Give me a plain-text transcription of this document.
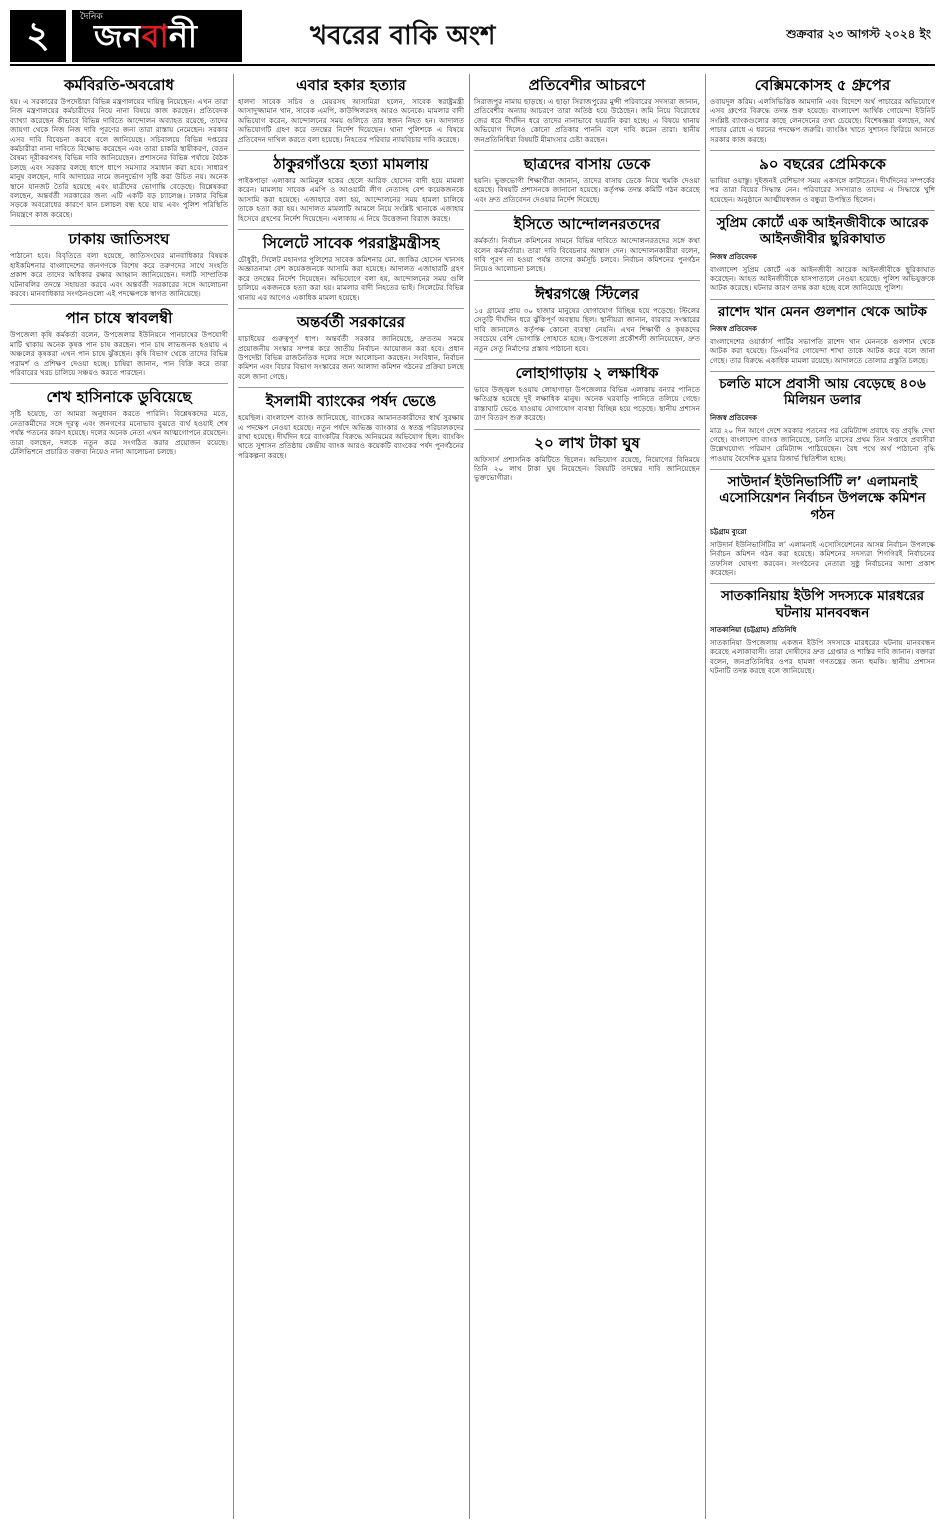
২	দৈনিক
জনবানী	খবরের বাকি অংশ	শুক্রবার ২৩ আগস্ট ২০২৪ ইং
কর্মবিরতি-অবরোধ
হয়। এ সরকারের উপদেষ্টারা বিভিন্ন মন্ত্রণালয়ের দায়িত্ব নিয়েছেন। এখন তারা নিজ মন্ত্রণালয়ের কর্মচারীদের নিয়ে নানা বিষয়ে কাজ করছেন। প্রতিবেদক ব্যাখ্যা করেছেন কীভাবে বিভিন্ন দাবিতে আন্দোলন অব্যাহত রয়েছে, তাদের জায়গা থেকে নিজ নিজ দাবি পূরণের জন্য তারা রাস্তায় নেমেছেন। সরকার এসব দাবি বিবেচনা করবে বলে জানিয়েছে। সচিবালয়ে বিভিন্ন দপ্তরের কর্মচারীরা নানা দাবিতে বিক্ষোভ করেছেন এবং তারা চাকরি স্থায়ীকরণ, বেতন বৈষম্য দূরীকরণসহ বিভিন্ন দাবি জানিয়েছেন। প্রশাসনের বিভিন্ন পর্যায়ে বৈঠক চলছে এবং সরকার বলছে ধাপে ধাপে সমস্যার সমাধান করা হবে। সাধারণ মানুষ বলছেন, দাবি আদায়ের নামে জনদুর্ভোগ সৃষ্টি করা উচিত নয়। অনেক স্থানে যানজট তৈরি হয়েছে এবং যাত্রীদের ভোগান্তি বেড়েছে। বিশ্লেষকরা বলছেন, অন্তর্বর্তী সরকারের জন্য এটি একটি বড় চ্যালেঞ্জ। ঢাকার বিভিন্ন সড়কে অবরোধের কারণে যান চলাচল বন্ধ হয়ে যায় এবং পুলিশ পরিস্থিতি নিয়ন্ত্রণে কাজ করেছে।
ঢাকায় জাতিসংঘ
পাঠানো হবে। বিবৃতিতে বলা হয়েছে, জাতিসংঘের মানবাধিকার বিষয়ক হাইকমিশনার বাংলাদেশের জনগণকে বিশেষ করে তরুণদের সাথে সংহতি প্রকাশ করে তাদের অধিকার রক্ষার আহ্বান জানিয়েছেন। দলটি সাম্প্রতিক ঘটনাবলির তদন্তে সহায়তা করবে এবং অন্তর্বর্তী সরকারের সঙ্গে আলোচনা করবে। মানবাধিকার সংগঠনগুলো এই পদক্ষেপকে স্বাগত জানিয়েছে।
পান চাষে স্বাবলম্বী
উপজেলা কৃষি কর্মকর্তা বলেন, উপজেলার ইউনিয়নে পানচাষের উপযোগী মাটি থাকায় অনেক কৃষক পান চাষ করছেন। পান চাষ লাভজনক হওয়ায় এ অঞ্চলের কৃষকরা এখন পান চাষে ঝুঁকছেন। কৃষি বিভাগ থেকে তাদের বিভিন্ন পরামর্শ ও প্রশিক্ষণ দেওয়া হচ্ছে। চাষিরা জানান, পান বিক্রি করে তারা পরিবারের খরচ চালিয়ে সঞ্চয়ও করতে পারছেন।
শেখ হাসিনাকে ডুবিয়েছে
সৃষ্টি হয়েছে, তা আমরা অনুধাবন করতে পারিনি। বিশ্লেষকদের মতে, নেতাকর্মীদের সঙ্গে দূরত্ব এবং জনগণের মনোভাব বুঝতে ব্যর্থ হওয়াই শেষ পর্যন্ত পতনের কারণ হয়েছে। দলের অনেক নেতা এখন আত্মগোপনে রয়েছেন। তারা বলছেন, দলকে নতুন করে সংগঠিত করার প্রয়োজন রয়েছে। টেলিভিশনে প্রচারিত বক্তব্য নিয়েও নানা আলোচনা চলছে।
এবার হকার হত্যার
হালদা সাবেক সচিব ও মেয়রসহ আসামিরা হলেন, সাবেক স্বরাষ্ট্রমন্ত্রী আসাদুজ্জামান খান, সাবেক এমপি, কাউন্সিলরসহ আরও অনেকে। মামলার বাদী অভিযোগ করেন, আন্দোলনের সময় গুলিতে তার স্বজন নিহত হন। আদালত অভিযোগটি গ্রহণ করে তদন্তের নির্দেশ দিয়েছেন। থানা পুলিশকে এ বিষয়ে প্রতিবেদন দাখিল করতে বলা হয়েছে। নিহতের পরিবার ন্যায়বিচার দাবি করেছে।
ঠাকুরগাঁওয়ে হত্যা মামলায়
পাইকপাড়া এলাকার আমিনুল হকের ছেলে আরিফ হোসেন বাদী হয়ে মামলা করেন। মামলায় সাবেক এমপি ও আওয়ামী লীগ নেতাসহ বেশ কয়েকজনকে আসামি করা হয়েছে। এজাহারে বলা হয়, আন্দোলনের সময় হামলা চালিয়ে তাকে হত্যা করা হয়। আদালত মামলাটি আমলে নিয়ে সংশ্লিষ্ট থানাকে এজাহার হিসেবে গ্রহণের নির্দেশ দিয়েছেন। এলাকায় এ নিয়ে উত্তেজনা বিরাজ করছে।
সিলেটে সাবেক পররাষ্ট্রমন্ত্রীসহ
চৌধুরী, সিলেট মহানগর পুলিশের সাবেক কমিশনার মো. জাকির হোসেন খানসহ অজ্ঞাতনামা বেশ কয়েকজনকে আসামি করা হয়েছে। আদালত এজাহারটি গ্রহণ করে তদন্তের নির্দেশ দিয়েছেন। অভিযোগে বলা হয়, আন্দোলনের সময় গুলি চালিয়ে একজনকে হত্যা করা হয়। মামলার বাদী নিহতের ভাই। সিলেটের বিভিন্ন থানায় এর আগেও একাধিক মামলা হয়েছে।
অন্তর্বর্তী সরকারের
যাচাইয়ের গুরুত্বপূর্ণ ধাপ। অন্তর্বর্তী সরকার জানিয়েছে, দ্রুততম সময়ে প্রয়োজনীয় সংস্কার সম্পন্ন করে জাতীয় নির্বাচন আয়োজন করা হবে। প্রধান উপদেষ্টা বিভিন্ন রাজনৈতিক দলের সঙ্গে আলোচনা করছেন। সংবিধান, নির্বাচন কমিশন এবং বিচার বিভাগ সংস্কারের জন্য আলাদা কমিশন গঠনের প্রক্রিয়া চলছে বলে জানা গেছে।
ইসলামী ব্যাংকের পর্ষদ ভেঙে
হয়েছিল। বাংলাদেশ ব্যাংক জানিয়েছে, ব্যাংকের আমানতকারীদের স্বার্থ সুরক্ষায় এ পদক্ষেপ নেওয়া হয়েছে। নতুন পর্ষদে অভিজ্ঞ ব্যাংকার ও স্বতন্ত্র পরিচালকদের রাখা হয়েছে। দীর্ঘদিন ধরে ব্যাংকটির বিরুদ্ধে অনিয়মের অভিযোগ ছিল। ব্যাংকিং খাতে সুশাসন প্রতিষ্ঠায় কেন্দ্রীয় ব্যাংক আরও কয়েকটি ব্যাংকের পর্ষদ পুনর্গঠনের পরিকল্পনা করছে।
প্রতিবেশীর আচরণে
সিরাজপুর নামায় ছাড়ছে। এ ছাড়া সিরাজপুরের মুন্সী পরিবারের সদস্যরা জানান, প্রতিবেশীর অন্যায় আচরণে তারা অতিষ্ঠ হয়ে উঠেছেন। জমি নিয়ে বিরোধের জের ধরে দীর্ঘদিন ধরে তাদের নানাভাবে হয়রানি করা হচ্ছে। এ বিষয়ে থানায় অভিযোগ দিলেও কোনো প্রতিকার পাননি বলে দাবি করেন তারা। স্থানীয় জনপ্রতিনিধিরা বিষয়টি মীমাংসার চেষ্টা করছেন।
ছাত্রদের বাসায় ডেকে
হয়নি। ভুক্তভোগী শিক্ষার্থীরা জানান, তাদের বাসায় ডেকে নিয়ে হুমকি দেওয়া হয়েছে। বিষয়টি প্রশাসনকে জানানো হয়েছে। কর্তৃপক্ষ তদন্ত কমিটি গঠন করেছে এবং দ্রুত প্রতিবেদন দেওয়ার নির্দেশ দিয়েছে।
ইসিতে আন্দোলনরতদের
কর্মকর্তা। নির্বাচন কমিশনের সামনে বিভিন্ন দাবিতে আন্দোলনরতদের সঙ্গে কথা বলেন কর্মকর্তারা। তারা দাবি বিবেচনার আশ্বাস দেন। আন্দোলনকারীরা বলেন, দাবি পূরণ না হওয়া পর্যন্ত তাদের কর্মসূচি চলবে। নির্বাচন কমিশনের পুনর্গঠন নিয়েও আলোচনা চলছে।
ঈশ্বরগঞ্জে স্টিলের
১৫ গ্রামের প্রায় ৩০ হাজার মানুষের যোগাযোগ বিচ্ছিন্ন হয়ে পড়েছে। স্টিলের সেতুটি দীর্ঘদিন ধরে ঝুঁকিপূর্ণ অবস্থায় ছিল। স্থানীয়রা জানান, বারবার সংস্কারের দাবি জানালেও কর্তৃপক্ষ কোনো ব্যবস্থা নেয়নি। এখন শিক্ষার্থী ও কৃষকদের সবচেয়ে বেশি ভোগান্তি পোহাতে হচ্ছে। উপজেলা প্রকৌশলী জানিয়েছেন, দ্রুত নতুন সেতু নির্মাণের প্রস্তাব পাঠানো হবে।
লোহাগাড়ায় ২ লক্ষাধিক
ভাবে উজ্জ্বল হওয়ায় লোহাগাড়া উপজেলার বিভিন্ন এলাকায় বন্যার পানিতে ক্ষতিগ্রস্ত হয়েছে দুই লক্ষাধিক মানুষ। অনেক ঘরবাড়ি পানিতে তলিয়ে গেছে। রাস্তাঘাট ভেঙে যাওয়ায় যোগাযোগ ব্যবস্থা বিচ্ছিন্ন হয়ে পড়েছে। স্থানীয় প্রশাসন ত্রাণ বিতরণ শুরু করেছে।
২০ লাখ টাকা ঘুষ
অফিসার্স প্রশাসনিক কমিটিতে ছিলেন। অভিযোগ রয়েছে, নিয়োগের বিনিময়ে তিনি ২০ লাখ টাকা ঘুষ নিয়েছেন। বিষয়টি তদন্তের দাবি জানিয়েছেন ভুক্তভোগীরা।
বেক্সিমকোসহ ৫ গ্রুপের
ওবায়দুল করিম। এলসিভিত্তিক আমদানি এবং বিদেশে অর্থ পাচারের অভিযোগে এসব গ্রুপের বিরুদ্ধে তদন্ত শুরু হয়েছে। বাংলাদেশ আর্থিক গোয়েন্দা ইউনিট সংশ্লিষ্ট ব্যাংকগুলোর কাছে লেনদেনের তথ্য চেয়েছে। বিশেষজ্ঞরা বলছেন, অর্থ পাচার রোধে এ ধরনের পদক্ষেপ জরুরি। ব্যাংকিং খাতে সুশাসন ফিরিয়ে আনতে সরকার কাজ করছে।
৯০ বছরের প্রেমিককে
ভাবিয়া ওয়াস্তু। দুইজনই বেশিভাগ সময় একসঙ্গে কাটাতেন। দীর্ঘদিনের সম্পর্কের পর তারা বিয়ের সিদ্ধান্ত নেন। পরিবারের সদস্যরাও তাদের এ সিদ্ধান্তে খুশি হয়েছেন। অনুষ্ঠানে আত্মীয়স্বজন ও বন্ধুরা উপস্থিত ছিলেন।
সুপ্রিম কোর্টে এক আইনজীবীকে আরেক আইনজীবীর ছুরিকাঘাত
নিজস্ব প্রতিবেদক
বাংলাদেশ সুপ্রিম কোর্টে এক আইনজীবী আরেক আইনজীবীকে ছুরিকাঘাত করেছেন। আহত আইনজীবীকে হাসপাতালে নেওয়া হয়েছে। পুলিশ অভিযুক্তকে আটক করেছে। ঘটনার কারণ তদন্ত করা হচ্ছে বলে জানিয়েছে পুলিশ।
রাশেদ খান মেনন গুলশান থেকে আটক
নিজস্ব প্রতিবেদক
বাংলাদেশের ওয়ার্কার্স পার্টির সভাপতি রাশেদ খান মেননকে গুলশান থেকে আটক করা হয়েছে। ডিএমপির গোয়েন্দা শাখা তাকে আটক করে বলে জানা গেছে। তার বিরুদ্ধে একাধিক মামলা রয়েছে। আদালতে তোলার প্রস্তুতি চলছে।
চলতি মাসে প্রবাসী আয় বেড়েছে ৪০৬ মিলিয়ন ডলার
নিজস্ব প্রতিবেদক
মাত্র ২০ দিন আগে দেশে সরকার পতনের পর রেমিট্যান্স প্রবাহে বড় প্রবৃদ্ধি দেখা গেছে। বাংলাদেশ ব্যাংক জানিয়েছে, চলতি মাসের প্রথম তিন সপ্তাহে প্রবাসীরা উল্লেখযোগ্য পরিমাণ রেমিট্যান্স পাঠিয়েছেন। বৈধ পথে অর্থ পাঠানো বৃদ্ধি পাওয়ায় বৈদেশিক মুদ্রার রিজার্ভ স্থিতিশীল হচ্ছে।
সাউদার্ন ইউনিভার্সিটি ল’ এলামনাই এসোসিয়েশন নির্বাচন উপলক্ষে কমিশন গঠন
চট্টগ্রাম ব্যুরো
সাউদার্ন ইউনিভার্সিটির ল’ এলামনাই এসোসিয়েশনের আসন্ন নির্বাচন উপলক্ষে নির্বাচন কমিশন গঠন করা হয়েছে। কমিশনের সদস্যরা শিগগিরই নির্বাচনের তফসিল ঘোষণা করবেন। সংগঠনের নেতারা সুষ্ঠু নির্বাচনের আশা প্রকাশ করেছেন।
সাতকানিয়ায় ইউপি সদস্যকে মারধরের ঘটনায় মানববন্ধন
সাতকানিয়া (চট্টগ্রাম) প্রতিনিধি
সাতকানিয়া উপজেলায় একজন ইউপি সদস্যকে মারধরের ঘটনায় মানববন্ধন করেছে এলাকাবাসী। তারা দোষীদের দ্রুত গ্রেপ্তার ও শাস্তির দাবি জানান। বক্তারা বলেন, জনপ্রতিনিধির ওপর হামলা গণতন্ত্রের জন্য হুমকি। স্থানীয় প্রশাসন ঘটনাটি তদন্ত করছে বলে জানিয়েছে।
